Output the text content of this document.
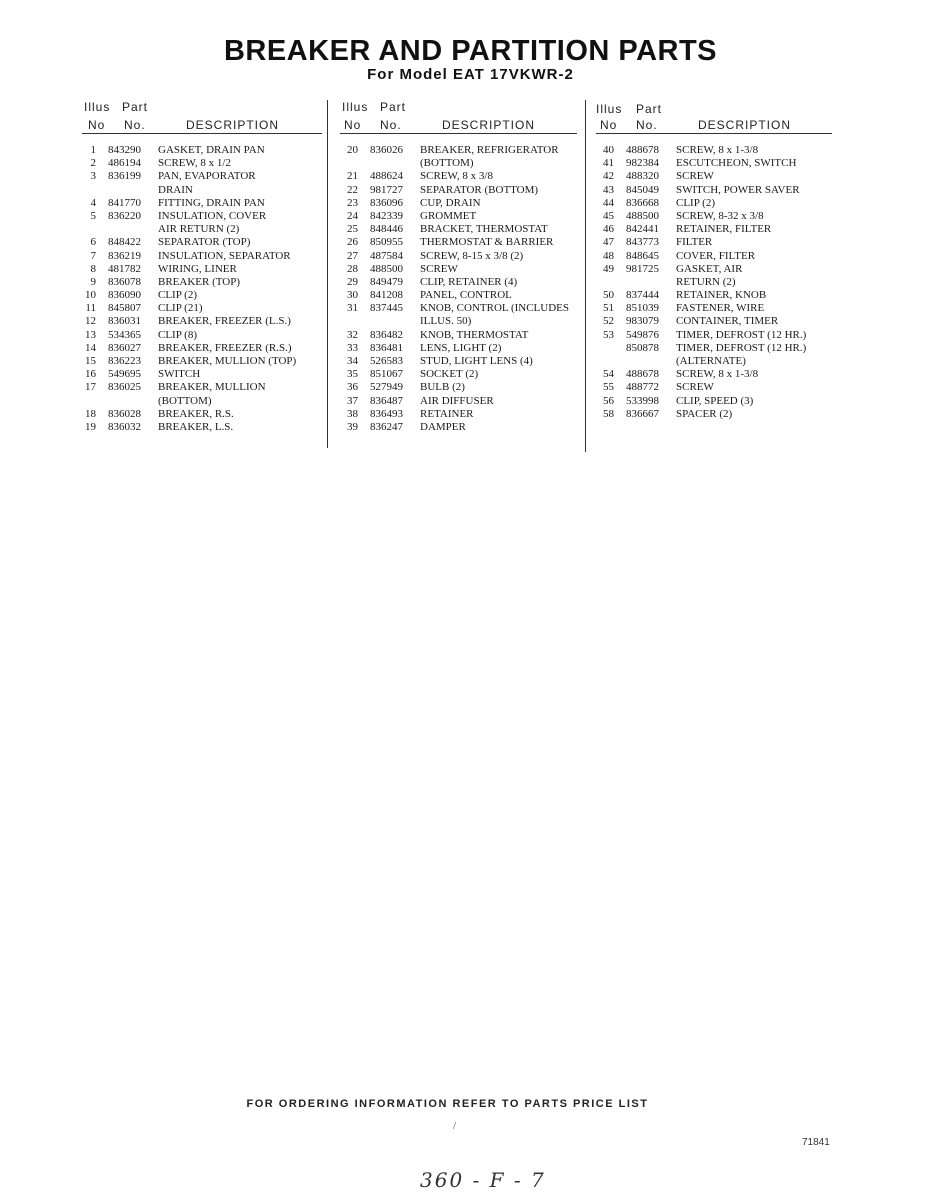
BREAKER AND PARTITION PARTS
For Model EAT 17VKWR-2
Illus Part
No No.	DESCRIPTION
1 843290 GASKET, DRAIN PAN
2 486194 SCREW, 8 x 1/2
3 836199 PAN, EVAPORATOR
DRAIN
4 841770 FITTING, DRAIN PAN
5 836220 INSULATION, COVER
AIR RETURN (2)
6 848422 SEPARATOR (TOP)
7 836219 INSULATION, SEPARATOR
8 481782 WIRING, LINER
9 836078 BREAKER (TOP)
10 836090 CLIP (2)
11 845807 CLIP (21)
12 836031 BREAKER, FREEZER (L.S.)
13 534365 CLIP (8)
14 836027 BREAKER, FREEZER (R.S.)
15 836223 BREAKER, MULLION (TOP)
16 549695 SWITCH
17 836025 BREAKER, MULLION
(BOTTOM)
18 836028 BREAKER, R.S.
19 836032 BREAKER, L.S.
Illus Part
No No.	DESCRIPTION
20 836026 BREAKER, REFRIGERATOR
(BOTTOM)
21 488624 SCREW, 8 x 3/8
22 981727 SEPARATOR (BOTTOM)
23 836096 CUP, DRAIN
24 842339 GROMMET
25 848446 BRACKET, THERMOSTAT
26 850955 THERMOSTAT & BARRIER
27 487584 SCREW, 8-15 x 3/8 (2)
28 488500 SCREW
29 849479 CLIP, RETAINER (4)
30 841208 PANEL, CONTROL
31 837445 KNOB, CONTROL (INCLUDES
ILLUS. 50)
32 836482 KNOB, THERMOSTAT
33 836481 LENS, LIGHT (2)
34 526583 STUD, LIGHT LENS (4)
35 851067 SOCKET (2)
36 527949 BULB (2)
37 836487 AIR DIFFUSER
38 836493 RETAINER
39 836247 DAMPER
Illus Part
No No.	DESCRIPTION
40 488678 SCREW, 8 x 1-3/8
41 982384 ESCUTCHEON, SWITCH
42 488320 SCREW
43 845049 SWITCH, POWER SAVER
44 836668 CLIP (2)
45 488500 SCREW, 8-32 x 3/8
46 842441 RETAINER, FILTER
47 843773 FILTER
48 848645 COVER, FILTER
49 981725 GASKET, AIR
RETURN (2)
50 837444 RETAINER, KNOB
51 851039 FASTENER, WIRE
52 983079 CONTAINER, TIMER
53 549876 TIMER, DEFROST (12 HR.)
850878 TIMER, DEFROST (12 HR.)
(ALTERNATE)
54 488678 SCREW, 8 x 1-3/8
55 488772 SCREW
56 533998 CLIP, SPEED (3)
58 836667 SPACER (2)
FOR ORDERING INFORMATION REFER TO PARTS PRICE LIST
/
71841
360 - F - 7
